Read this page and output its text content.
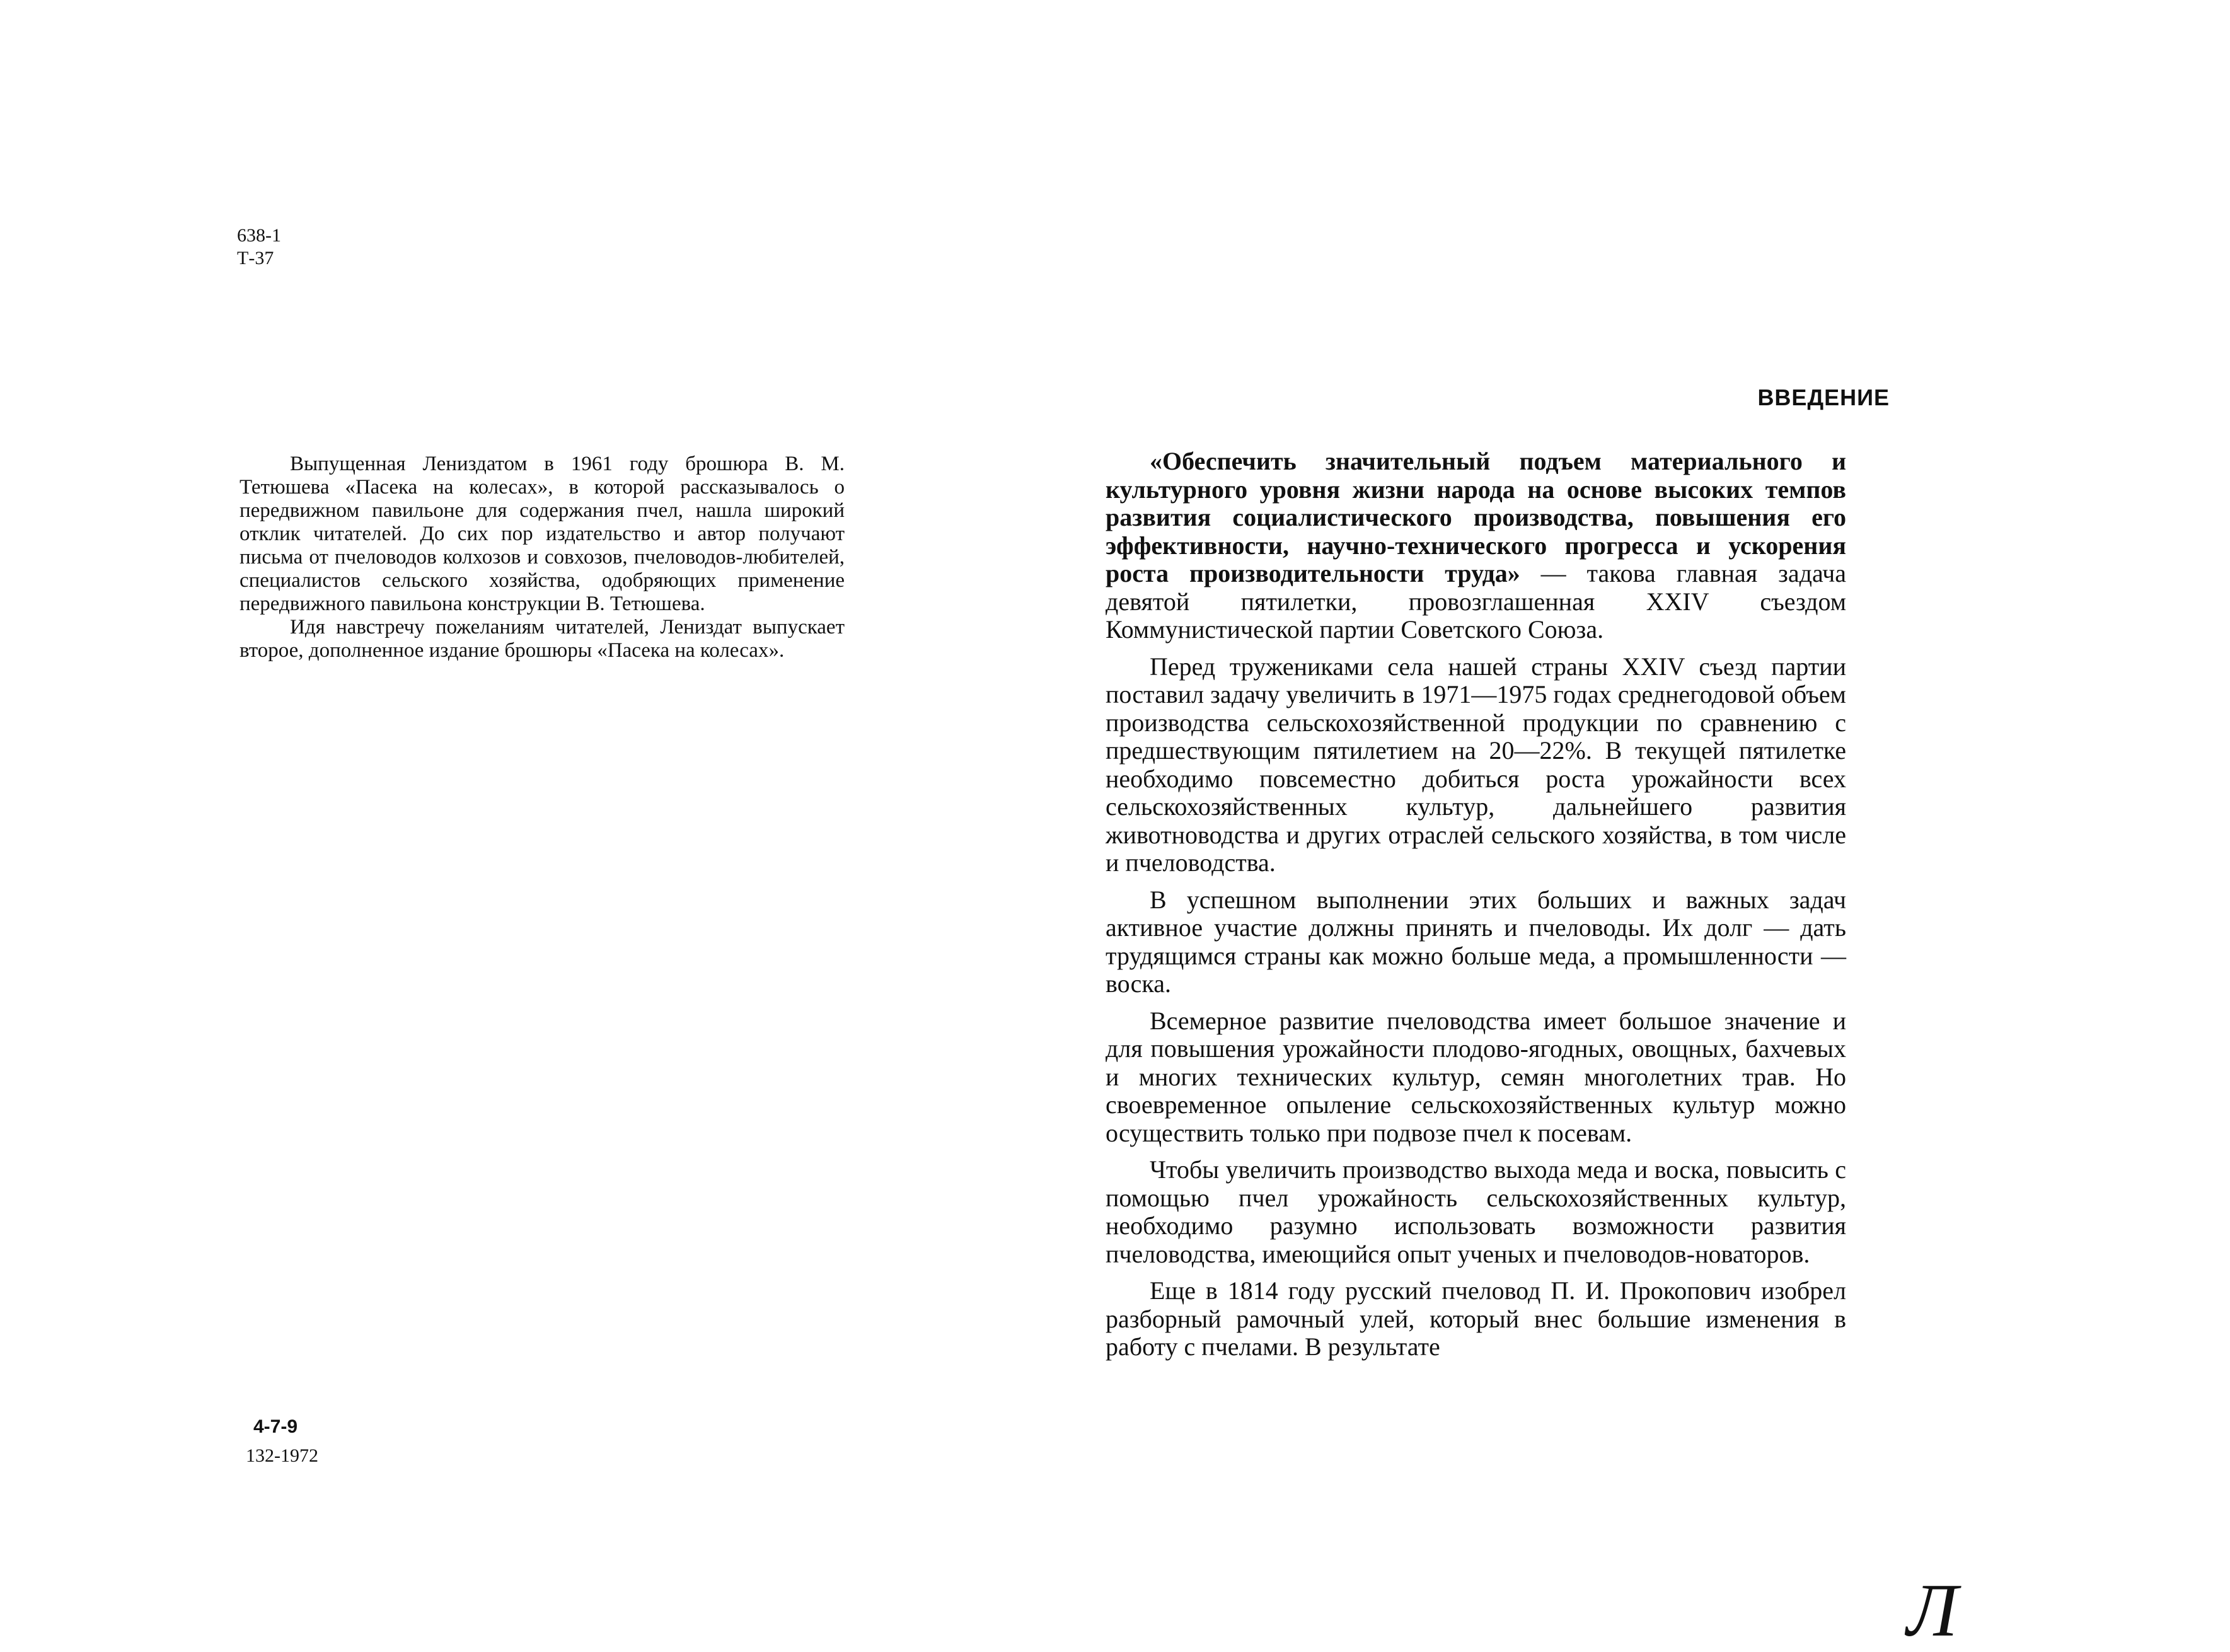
638-1

Т-37

Выпущенная Лениздатом в 1961 году брошюра В. М. Тетюшева «Пасека на колесах», в которой рассказывалось о передвижном павильоне для содержания пчел, нашла широкий отклик читателей. До сих пор издательство и автор получают письма от пчеловодов колхозов и совхозов, пчеловодов-любителей, специалистов сельского хозяйства, одобряющих применение передвижного павильона конструкции В. Тетюшева.

Идя навстречу пожеланиям читателей, Лениздат выпускает второе, дополненное издание брошюры «Пасека на колесах».

4-7-9

132-1972

ВВЕДЕНИЕ

«Обеспечить значительный подъем материального и культурного уровня жизни народа на основе высоких темпов развития социалистического производства, повышения его эффективности, научно-технического прогресса и ускорения роста производительности труда» — такова главная задача девятой пятилетки, провозглашенная XXIV съездом Коммунистической партии Советского Союза.

Перед тружениками села нашей страны XXIV съезд партии поставил задачу увеличить в 1971—1975 годах среднегодовой объем производства сельскохозяйственной продукции по сравнению с предшествующим пятилетием на 20—22%. В текущей пятилетке необходимо повсеместно добиться роста урожайности всех сельскохозяйственных культур, дальнейшего развития животноводства и других отраслей сельского хозяйства, в том числе и пчеловодства.

В успешном выполнении этих больших и важных задач активное участие должны принять и пчеловоды. Их долг — дать трудящимся страны как можно больше меда, а промышленности — воска.

Всемерное развитие пчеловодства имеет большое значение и для повышения урожайности плодово-ягодных, овощных, бахчевых и многих технических культур, семян многолетних трав. Но своевременное опыление сельскохозяйственных культур можно осуществить только при подвозе пчел к посевам.

Чтобы увеличить производство выхода меда и воска, повысить с помощью пчел урожайность сельскохозяйственных культур, необходимо разумно использовать возможности развития пчеловодства, имеющийся опыт ученых и пчеловодов-новаторов.

Еще в 1814 году русский пчеловод П. И. Прокопович изобрел разборный рамочный улей, который внес большие изменения в работу с пчелами. В результате

Л
